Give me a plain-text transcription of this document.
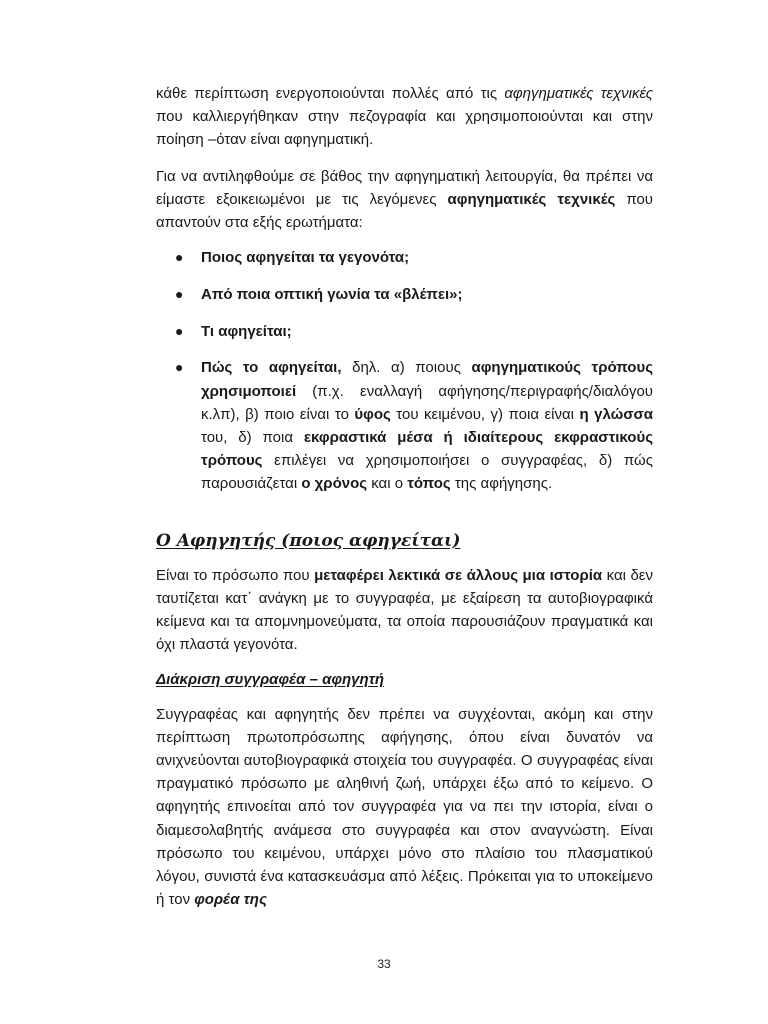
κάθε περίπτωση ενεργοποιούνται πολλές από τις αφηγηματικές τεχνικές που καλλιεργήθηκαν στην πεζογραφία και χρησιμοποιούνται και στην ποίηση –όταν είναι αφηγηματική.

Για να αντιληφθούμε σε βάθος την αφηγηματική λειτουργία, θα πρέπει να είμαστε εξοικειωμένοι με τις λεγόμενες αφηγηματικές τεχνικές που απαντούν στα εξής ερωτήματα:

● Ποιος αφηγείται τα γεγονότα;
● Από ποια οπτική γωνία τα «βλέπει»;
● Τι αφηγείται;
● Πώς το αφηγείται, δηλ. α) ποιους αφηγηματικούς τρόπους χρησιμοποιεί (π.χ. εναλλαγή αφήγησης/περιγραφής/διαλόγου κ.λπ), β) ποιο είναι το ύφος του κειμένου, γ) ποια είναι η γλώσσα του, δ) ποια εκφραστικά μέσα ή ιδιαίτερους εκφραστικούς τρόπους επιλέγει να χρησιμοποιήσει ο συγγραφέας, δ) πώς παρουσιάζεται ο χρόνος και ο τόπος της αφήγησης.
Ο Αφηγητής (ποιος αφηγείται)

Είναι το πρόσωπο που μεταφέρει λεκτικά σε άλλους μια ιστορία και δεν ταυτίζεται κατ΄ ανάγκη με το συγγραφέα, με εξαίρεση τα αυτοβιογραφικά κείμενα και τα απομνημονεύματα, τα οποία παρουσιάζουν πραγματικά και όχι πλαστά γεγονότα.

Διάκριση συγγραφέα – αφηγητή

Συγγραφέας και αφηγητής δεν πρέπει να συγχέονται, ακόμη και στην περίπτωση πρωτοπρόσωπης αφήγησης, όπου είναι δυνατόν να ανιχνεύονται αυτοβιογραφικά στοιχεία του συγγραφέα. Ο συγγραφέας είναι πραγματικό πρόσωπο με αληθινή ζωή, υπάρχει έξω από το κείμενο. Ο αφηγητής επινοείται από τον συγγραφέα για να πει την ιστορία, είναι ο διαμεσολαβητής ανάμεσα στο συγγραφέα και στον αναγνώστη. Είναι πρόσωπο του κειμένου, υπάρχει μόνο στο πλαίσιο του πλασματικού λόγου, συνιστά ένα κατασκευάσμα από λέξεις. Πρόκειται για το υποκείμενο ή τον φορέα της

33
